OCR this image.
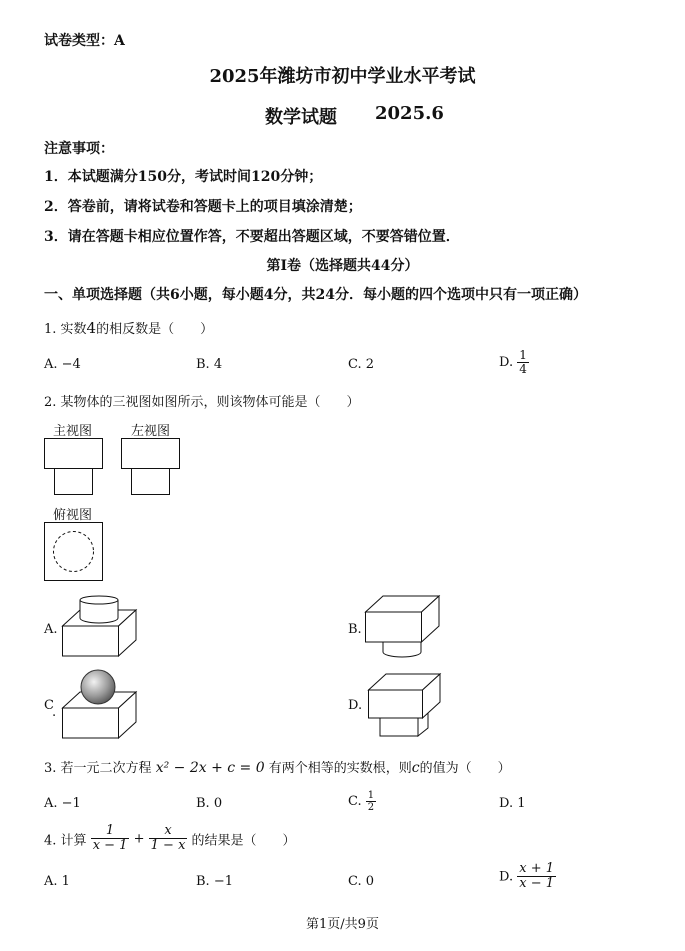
试卷类型：A
2025年潍坊市初中学业水平考试
数学试题 2025.6
注意事项：
1．本试题满分150分，考试时间120分钟；
2．答卷前，请将试卷和答题卡上的项目填涂清楚；
3．请在答题卡相应位置作答，不要超出答题区域，不要答错位置．
第I卷（选择题共44分）
一、单项选择题（共6小题，每小题4分，共24分．每小题的四个选项中只有一项正确）
1. 实数4的相反数是（　　）
A. −4	B. 4	C. 2	D. $\frac{1}{4}$
2. 某物体的三视图如图所示，则该物体可能是（　　）
主视图	左视图
俯视图
A.	B.
C
.	D.
3. 若一元二次方程 x² − 2x + c = 0 有两个相等的实数根，则c的值为（　　）
A. −1	B. 0	C. $\frac{1}{2}$	D. 1
4. 计算 $\frac{1}{x - 1} + \frac{x}{1 - x}$ 的结果是（　　）
A. 1	B. −1	C. 0	D. $\frac{x + 1}{x - 1}$
第1页/共9页
